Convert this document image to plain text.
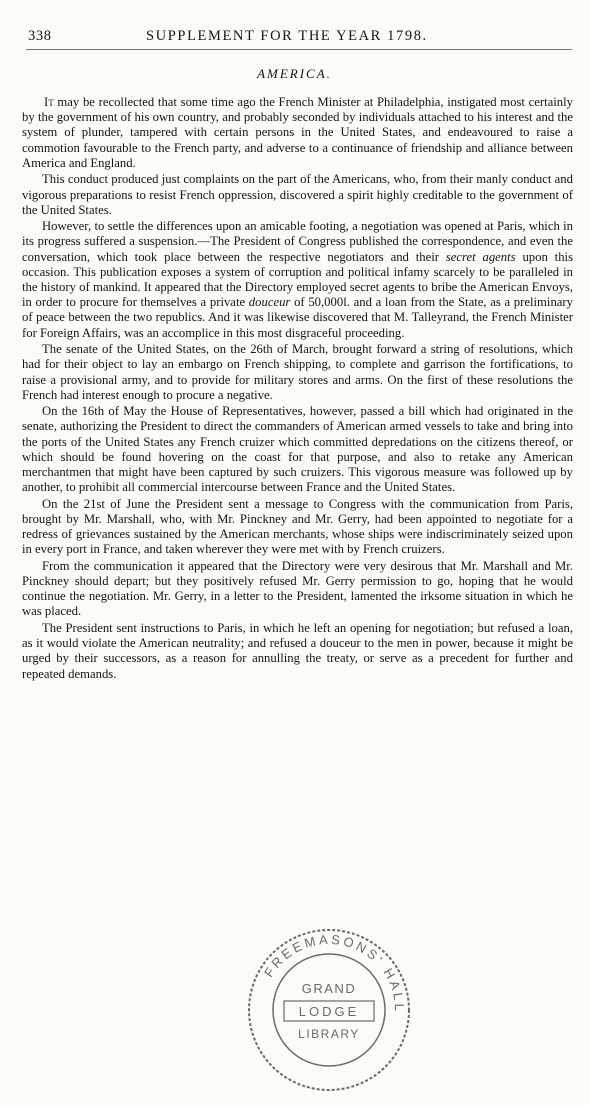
338	SUPPLEMENT FOR THE YEAR 1798.
AMERICA.

It may be recollected that some time ago the French Minister at Philadelphia, instigated most certainly by the government of his own country, and probably seconded by individuals attached to his interest and the system of plunder, tampered with certain persons in the United States, and endeavoured to raise a commotion favourable to the French party, and adverse to a continuance of friendship and alliance between America and England.

This conduct produced just complaints on the part of the Americans, who, from their manly conduct and vigorous preparations to resist French oppression, discovered a spirit highly creditable to the government of the United States.

However, to settle the differences upon an amicable footing, a negotiation was opened at Paris, which in its progress suffered a suspension.—The President of Congress published the correspondence, and even the conversation, which took place between the respective negotiators and their secret agents upon this occasion. This publication exposes a system of corruption and political infamy scarcely to be paralleled in the history of mankind. It appeared that the Directory employed secret agents to bribe the American Envoys, in order to procure for themselves a private douceur of 50,000l. and a loan from the State, as a preliminary of peace between the two republics. And it was likewise discovered that M. Talleyrand, the French Minister for Foreign Affairs, was an accomplice in this most disgraceful proceeding.

The senate of the United States, on the 26th of March, brought forward a string of resolutions, which had for their object to lay an embargo on French shipping, to complete and garrison the fortifications, to raise a provisional army, and to provide for military stores and arms. On the first of these resolutions the French had interest enough to procure a negative.

On the 16th of May the House of Representatives, however, passed a bill which had originated in the senate, authorizing the President to direct the commanders of American armed vessels to take and bring into the ports of the United States any French cruizer which committed depredations on the citizens thereof, or which should be found hovering on the coast for that purpose, and also to retake any American merchantmen that might have been captured by such cruizers. This vigorous measure was followed up by another, to prohibit all commercial intercourse between France and the United States.

On the 21st of June the President sent a message to Congress with the communication from Paris, brought by Mr. Marshall, who, with Mr. Pinckney and Mr. Gerry, had been appointed to negotiate for a redress of grievances sustained by the American merchants, whose ships were indiscriminately seized upon in every port in France, and taken wherever they were met with by French cruizers.

From the communication it appeared that the Directory were very desirous that Mr. Marshall and Mr. Pinckney should depart; but they positively refused Mr. Gerry permission to go, hoping that he would continue the negotiation. Mr. Gerry, in a letter to the President, lamented the irksome situation in which he was placed.

The President sent instructions to Paris, in which he left an opening for negotiation; but refused a loan, as it would violate the American neutrality; and refused a douceur to the men in power, because it might be urged by their successors, as a reason for annulling the treaty, or serve as a precedent for further and repeated demands.

FREEMASONS' HALL
GRAND
LODGE
LIBRARY
